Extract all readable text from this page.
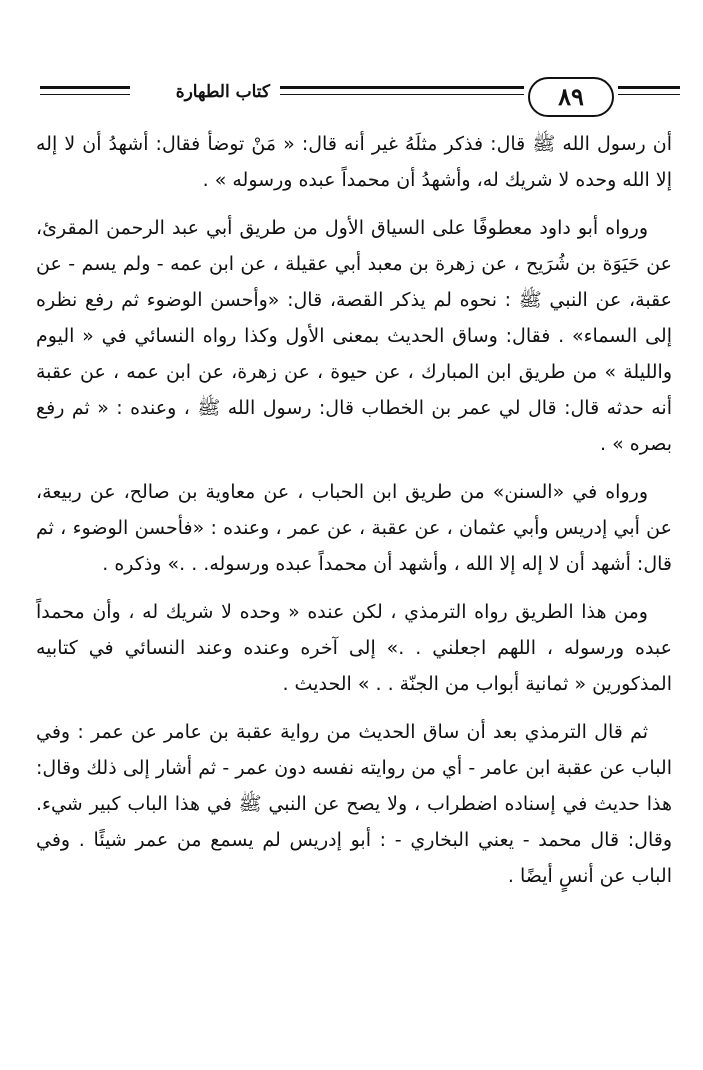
كتاب الطهارة	٨٩

أن رسول الله ﷺ قال: فذكر مثلَهُ غير أنه قال: « مَنْ توضأ فقال: أشهدُ أن لا إله إلا الله وحده لا شريك له، وأشهدُ أن محمداً عبده ورسوله » .

ورواه أبو داود معطوفًا على السياق الأول من طريق أبي عبد الرحمن المقرئ، عن حَيَوَة بن شُرَيح ، عن زهرة بن معبد أبي عقيلة ، عن ابن عمه - ولم يسم - عن عقبة، عن النبي ﷺ : نحوه لم يذكر القصة، قال: «وأحسن الوضوء ثم رفع نظره إلى السماء» . فقال: وساق الحديث بمعنى الأول وكذا رواه النسائي في « اليوم والليلة » من طريق ابن المبارك ، عن حيوة ، عن زهرة، عن ابن عمه ، عن عقبة أنه حدثه قال: قال لي عمر بن الخطاب قال: رسول الله ﷺ ، وعنده : « ثم رفع بصره » .

ورواه في «السنن» من طريق ابن الحباب ، عن معاوية بن صالح، عن ربيعة، عن أبي إدريس وأبي عثمان ، عن عقبة ، عن عمر ، وعنده : «فأحسن الوضوء ، ثم قال: أشهد أن لا إله إلا الله ، وأشهد أن محمداً عبده ورسوله. . .» وذكره .

ومن هذا الطريق رواه الترمذي ، لكن عنده « وحده لا شريك له ، وأن محمداً عبده ورسوله ، اللهم اجعلني . .» إلى آخره وعنده وعند النسائي في كتابيه المذكورين « ثمانية أبواب من الجنّة . . » الحديث .

ثم قال الترمذي بعد أن ساق الحديث من رواية عقبة بن عامر عن عمر : وفي الباب عن عقبة ابن عامر - أي من روايته نفسه دون عمر - ثم أشار إلى ذلك وقال: هذا حديث في إسناده اضطراب ، ولا يصح عن النبي ﷺ في هذا الباب كبير شيء. وقال: قال محمد - يعني البخاري - : أبو إدريس لم يسمع من عمر شيئًا . وفي الباب عن أنسٍ أيضًا .
